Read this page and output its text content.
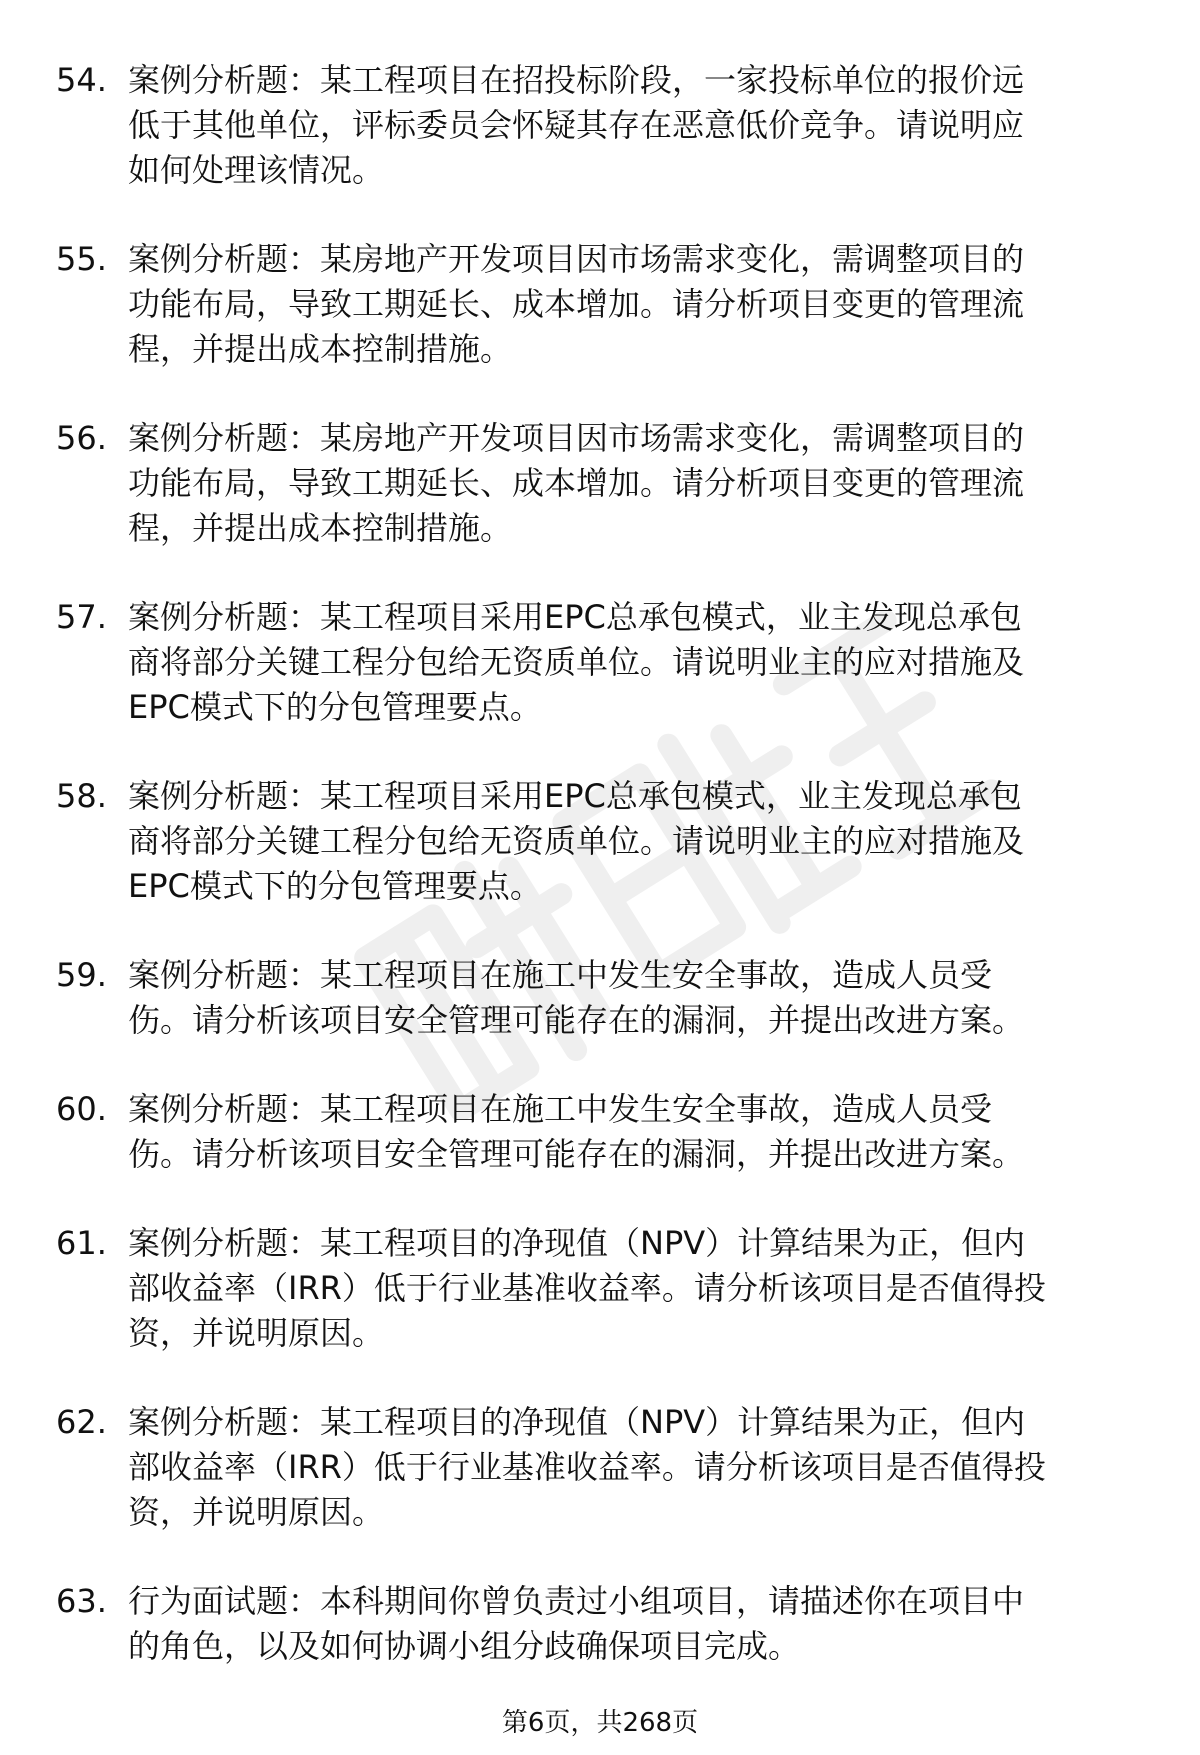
54. 案例分析题：某工程项目在招投标阶段，一家投标单位的报价远
低于其他单位，评标委员会怀疑其存在恶意低价竞争。请说明应
如何处理该情况。
55. 案例分析题：某房地产开发项目因市场需求变化，需调整项目的
功能布局，导致工期延长、成本增加。请分析项目变更的管理流
程，并提出成本控制措施。
56. 案例分析题：某房地产开发项目因市场需求变化，需调整项目的
功能布局，导致工期延长、成本增加。请分析项目变更的管理流
程，并提出成本控制措施。
57. 案例分析题：某工程项目采用EPC总承包模式，业主发现总承包
商将部分关键工程分包给无资质单位。请说明业主的应对措施及
EPC模式下的分包管理要点。
58. 案例分析题：某工程项目采用EPC总承包模式，业主发现总承包
商将部分关键工程分包给无资质单位。请说明业主的应对措施及
EPC模式下的分包管理要点。
59. 案例分析题：某工程项目在施工中发生安全事故，造成人员受
伤。请分析该项目安全管理可能存在的漏洞，并提出改进方案。
60. 案例分析题：某工程项目在施工中发生安全事故，造成人员受
伤。请分析该项目安全管理可能存在的漏洞，并提出改进方案。
61. 案例分析题：某工程项目的净现值（NPV）计算结果为正，但内
部收益率（IRR）低于行业基准收益率。请分析该项目是否值得投
资，并说明原因。
62. 案例分析题：某工程项目的净现值（NPV）计算结果为正，但内
部收益率（IRR）低于行业基准收益率。请分析该项目是否值得投
资，并说明原因。
63. 行为面试题：本科期间你曾负责过小组项目，请描述你在项目中
的角色，以及如何协调小组分歧确保项目完成。
第6页，共268页
